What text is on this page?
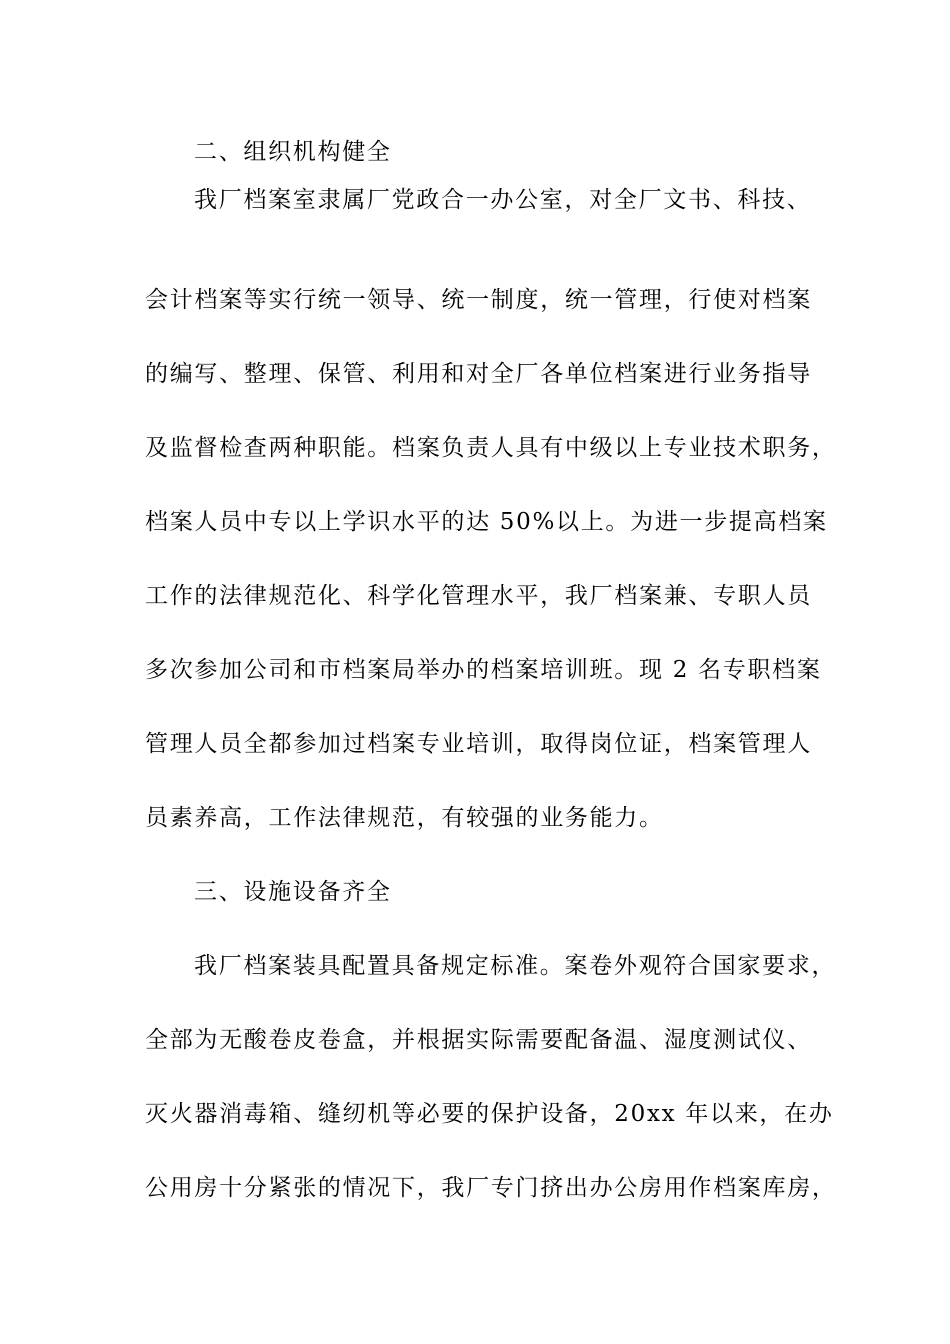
二、组织机构健全
我厂档案室隶属厂党政合一办公室，对全厂文书、科技、
会计档案等实行统一领导、统一制度，统一管理，行使对档案
的编写、整理、保管、利用和对全厂各单位档案进行业务指导
及监督检查两种职能。档案负责人具有中级以上专业技术职务，
档案人员中专以上学识水平的达 50%以上。为进一步提高档案
工作的法律规范化、科学化管理水平，我厂档案兼、专职人员
多次参加公司和市档案局举办的档案培训班。现 2 名专职档案
管理人员全都参加过档案专业培训，取得岗位证，档案管理人
员素养高，工作法律规范，有较强的业务能力。
三、设施设备齐全
我厂档案装具配置具备规定标准。案卷外观符合国家要求，
全部为无酸卷皮卷盒，并根据实际需要配备温、湿度测试仪、
灭火器消毒箱、缝纫机等必要的保护设备，20xx 年以来，在办
公用房十分紧张的情况下，我厂专门挤出办公房用作档案库房，
